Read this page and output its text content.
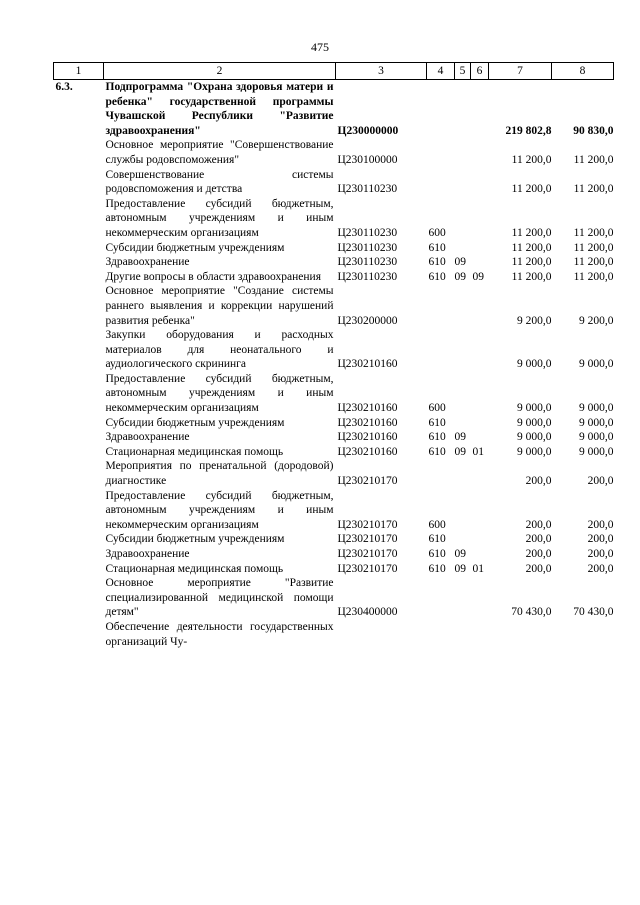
475
1	2	3	4	5	6	7	8
6.3.	Подпрограмма "Охрана здоровья матери и ребенка" государственной программы Чувашской Республики "Развитие здравоохранения"	Ц230000000				219 802,8	90 830,0
	Основное мероприятие "Совершенствование службы родовспоможения"	Ц230100000				11 200,0	11 200,0
	Совершенствование системы родовспоможения и детства	Ц230110230				11 200,0	11 200,0
	Предоставление субсидий бюджетным, автономным учреждениям и иным некоммерческим организациям	Ц230110230	600			11 200,0	11 200,0
	Субсидии бюджетным учреждениям	Ц230110230	610			11 200,0	11 200,0
	Здравоохранение	Ц230110230	610	09		11 200,0	11 200,0
	Другие вопросы в области здравоохранения	Ц230110230	610	09	09	11 200,0	11 200,0
	Основное мероприятие "Создание системы раннего выявления и коррекции нарушений развития ребенка"	Ц230200000				9 200,0	9 200,0
	Закупки оборудования и расходных материалов для неонатального и аудиологического скрининга	Ц230210160				9 000,0	9 000,0
	Предоставление субсидий бюджетным, автономным учреждениям и иным некоммерческим организациям	Ц230210160	600			9 000,0	9 000,0
	Субсидии бюджетным учреждениям	Ц230210160	610			9 000,0	9 000,0
	Здравоохранение	Ц230210160	610	09		9 000,0	9 000,0
	Стационарная медицинская помощь	Ц230210160	610	09	01	9 000,0	9 000,0
	Мероприятия по пренатальной (дородовой) диагностике	Ц230210170				200,0	200,0
	Предоставление субсидий бюджетным, автономным учреждениям и иным некоммерческим организациям	Ц230210170	600			200,0	200,0
	Субсидии бюджетным учреждениям	Ц230210170	610			200,0	200,0
	Здравоохранение	Ц230210170	610	09		200,0	200,0
	Стационарная медицинская помощь	Ц230210170	610	09	01	200,0	200,0
	Основное мероприятие "Развитие специализированной медицинской помощи детям"	Ц230400000				70 430,0	70 430,0
	Обеспечение деятельности государственных организаций Чу-						
